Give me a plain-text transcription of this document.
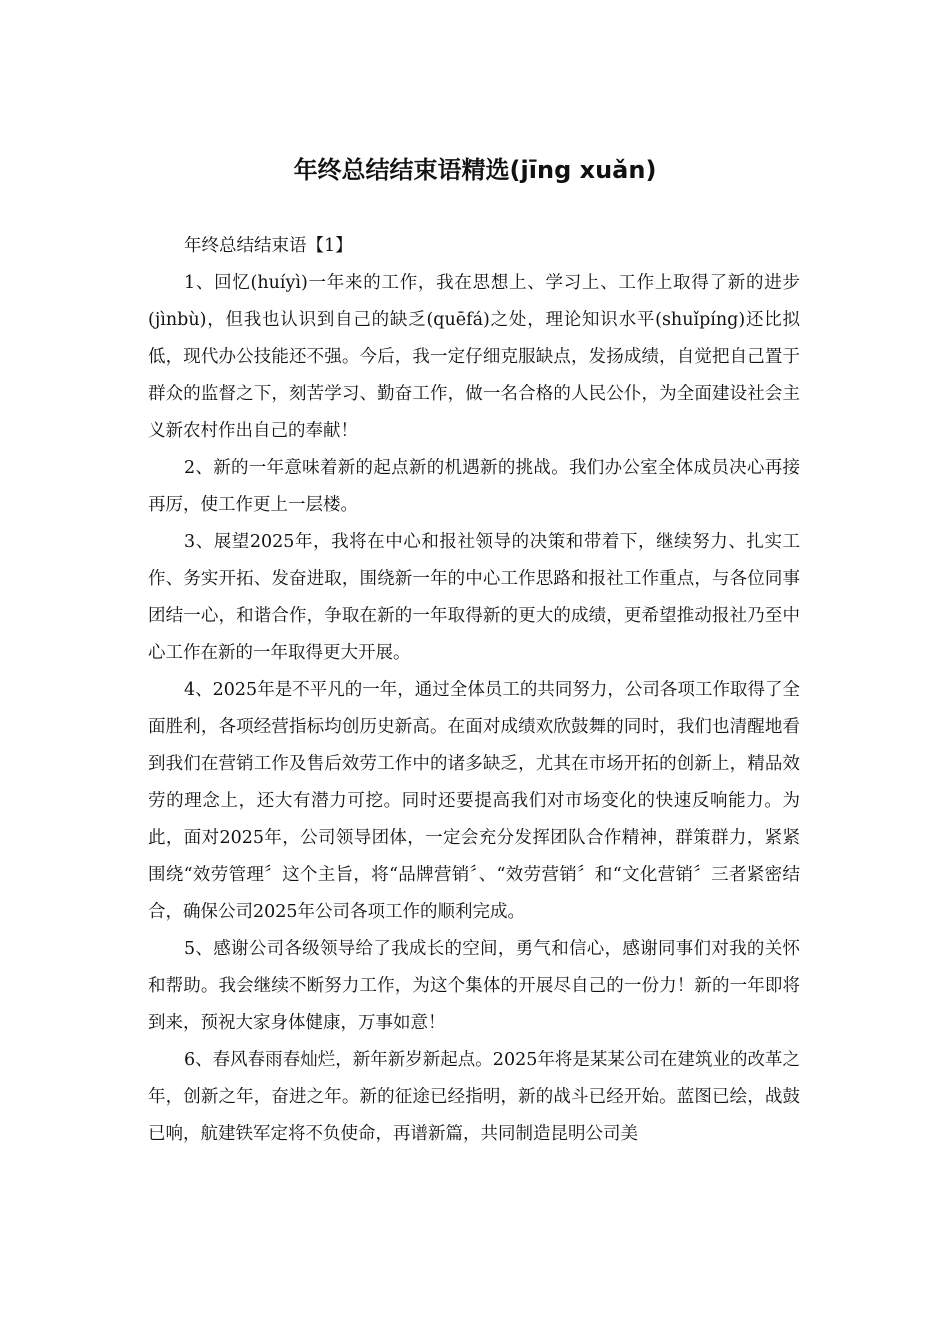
年终总结结束语精选(jīng xuǎn)

年终总结结束语【1】

1、回忆(huíyì)一年来的工作，我在思想上、学习上、工作上取得了新的进步(jìnbù)，但我也认识到自己的缺乏(quēfá)之处，理论知识水平(shuǐpíng)还比拟低，现代办公技能还不强。今后，我一定仔细克服缺点，发扬成绩，自觉把自己置于群众的监督之下，刻苦学习、勤奋工作，做一名合格的人民公仆，为全面建设社会主义新农村作出自己的奉献！

2、新的一年意味着新的起点新的机遇新的挑战。我们办公室全体成员决心再接再厉，使工作更上一层楼。

3、展望2025年，我将在中心和报社领导的决策和带着下，继续努力、扎实工作、务实开拓、发奋进取，围绕新一年的中心工作思路和报社工作重点，与各位同事团结一心，和谐合作，争取在新的一年取得新的更大的成绩，更希望推动报社乃至中心工作在新的一年取得更大开展。

4、2025年是不平凡的一年，通过全体员工的共同努力，公司各项工作取得了全面胜利，各项经营指标均创历史新高。在面对成绩欢欣鼓舞的同时，我们也清醒地看到我们在营销工作及售后效劳工作中的诸多缺乏，尤其在市场开拓的创新上，精品效劳的理念上，还大有潜力可挖。同时还要提高我们对市场变化的快速反响能力。为此，面对2025年，公司领导团体，一定会充分发挥团队合作精神，群策群力，紧紧围绕“效劳管理〞这个主旨，将“品牌营销〞、“效劳营销〞和“文化营销〞三者紧密结合，确保公司2025年公司各项工作的顺利完成。

5、感谢公司各级领导给了我成长的空间，勇气和信心，感谢同事们对我的关怀和帮助。我会继续不断努力工作，为这个集体的开展尽自己的一份力！新的一年即将到来，预祝大家身体健康，万事如意！

6、春风春雨春灿烂，新年新岁新起点。2025年将是某某公司在建筑业的改革之年，创新之年，奋进之年。新的征途已经指明，新的战斗已经开始。蓝图已绘，战鼓已响，航建铁军定将不负使命，再谱新篇，共同制造昆明公司美
